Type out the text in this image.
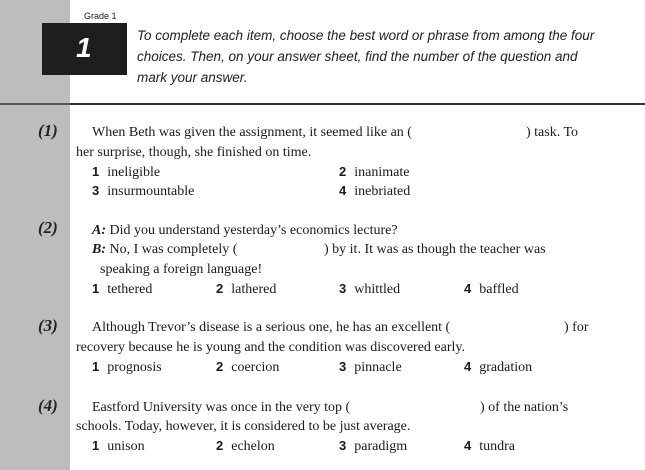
Grade 1
1	To complete each item, choose the best word or phrase from among the four choices. Then, on your answer sheet, find the number of the question and mark your answer.
(1) When Beth was given the assignment, it seemed like an (	) task. To
her surprise, though, she finished on time.
1 ineligible	2 inanimate
3 insurmountable	4 inebriated
(2) A: Did you understand yesterday’s economics lecture?
B: No, I was completely (	) by it. It was as though the teacher was
speaking a foreign language!
1 tethered	2 lathered	3 whittled	4 baffled
(3) Although Trevor’s disease is a serious one, he has an excellent (	) for
recovery because he is young and the condition was discovered early.
1 prognosis	2 coercion	3 pinnacle	4 gradation
(4) Eastford University was once in the very top (	) of the nation’s
schools. Today, however, it is considered to be just average.
1 unison	2 echelon	3 paradigm	4 tundra
